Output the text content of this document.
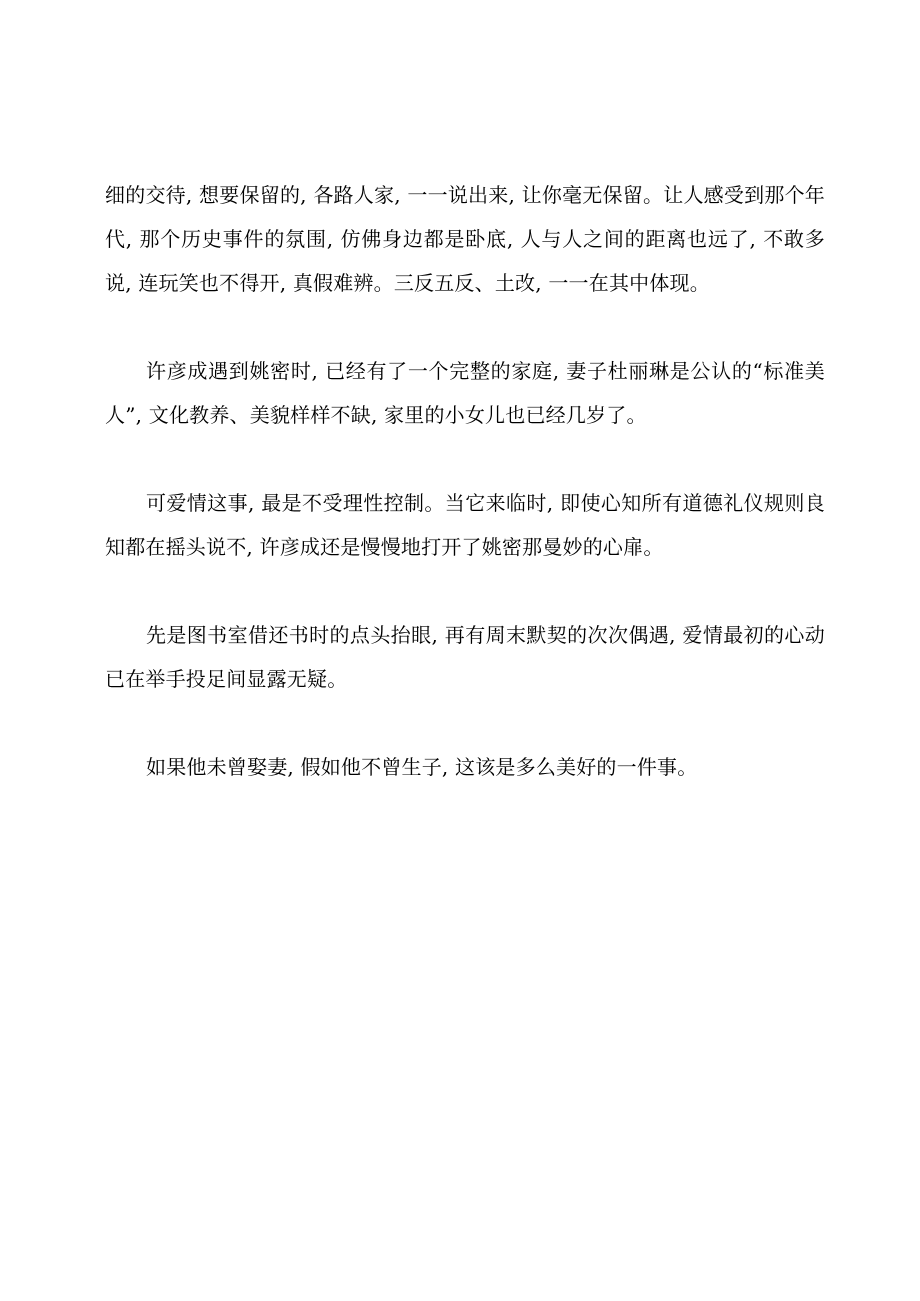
细的交待, 想要保留的, 各路人家, 一一说出来, 让你毫无保留。让人感受到那个年代, 那个历史事件的氛围, 仿佛身边都是卧底, 人与人之间的距离也远了, 不敢多说, 连玩笑也不得开, 真假难辨。三反五反、土改, 一一在其中体现。

许彦成遇到姚密时, 已经有了一个完整的家庭, 妻子杜丽琳是公认的“标准美人”, 文化教养、美貌样样不缺, 家里的小女儿也已经几岁了。

可爱情这事, 最是不受理性控制。当它来临时, 即使心知所有道德礼仪规则良知都在摇头说不, 许彦成还是慢慢地打开了姚密那曼妙的心扉。

先是图书室借还书时的点头抬眼, 再有周末默契的次次偶遇, 爱情最初的心动已在举手投足间显露无疑。

如果他未曾娶妻, 假如他不曾生子, 这该是多么美好的一件事。
